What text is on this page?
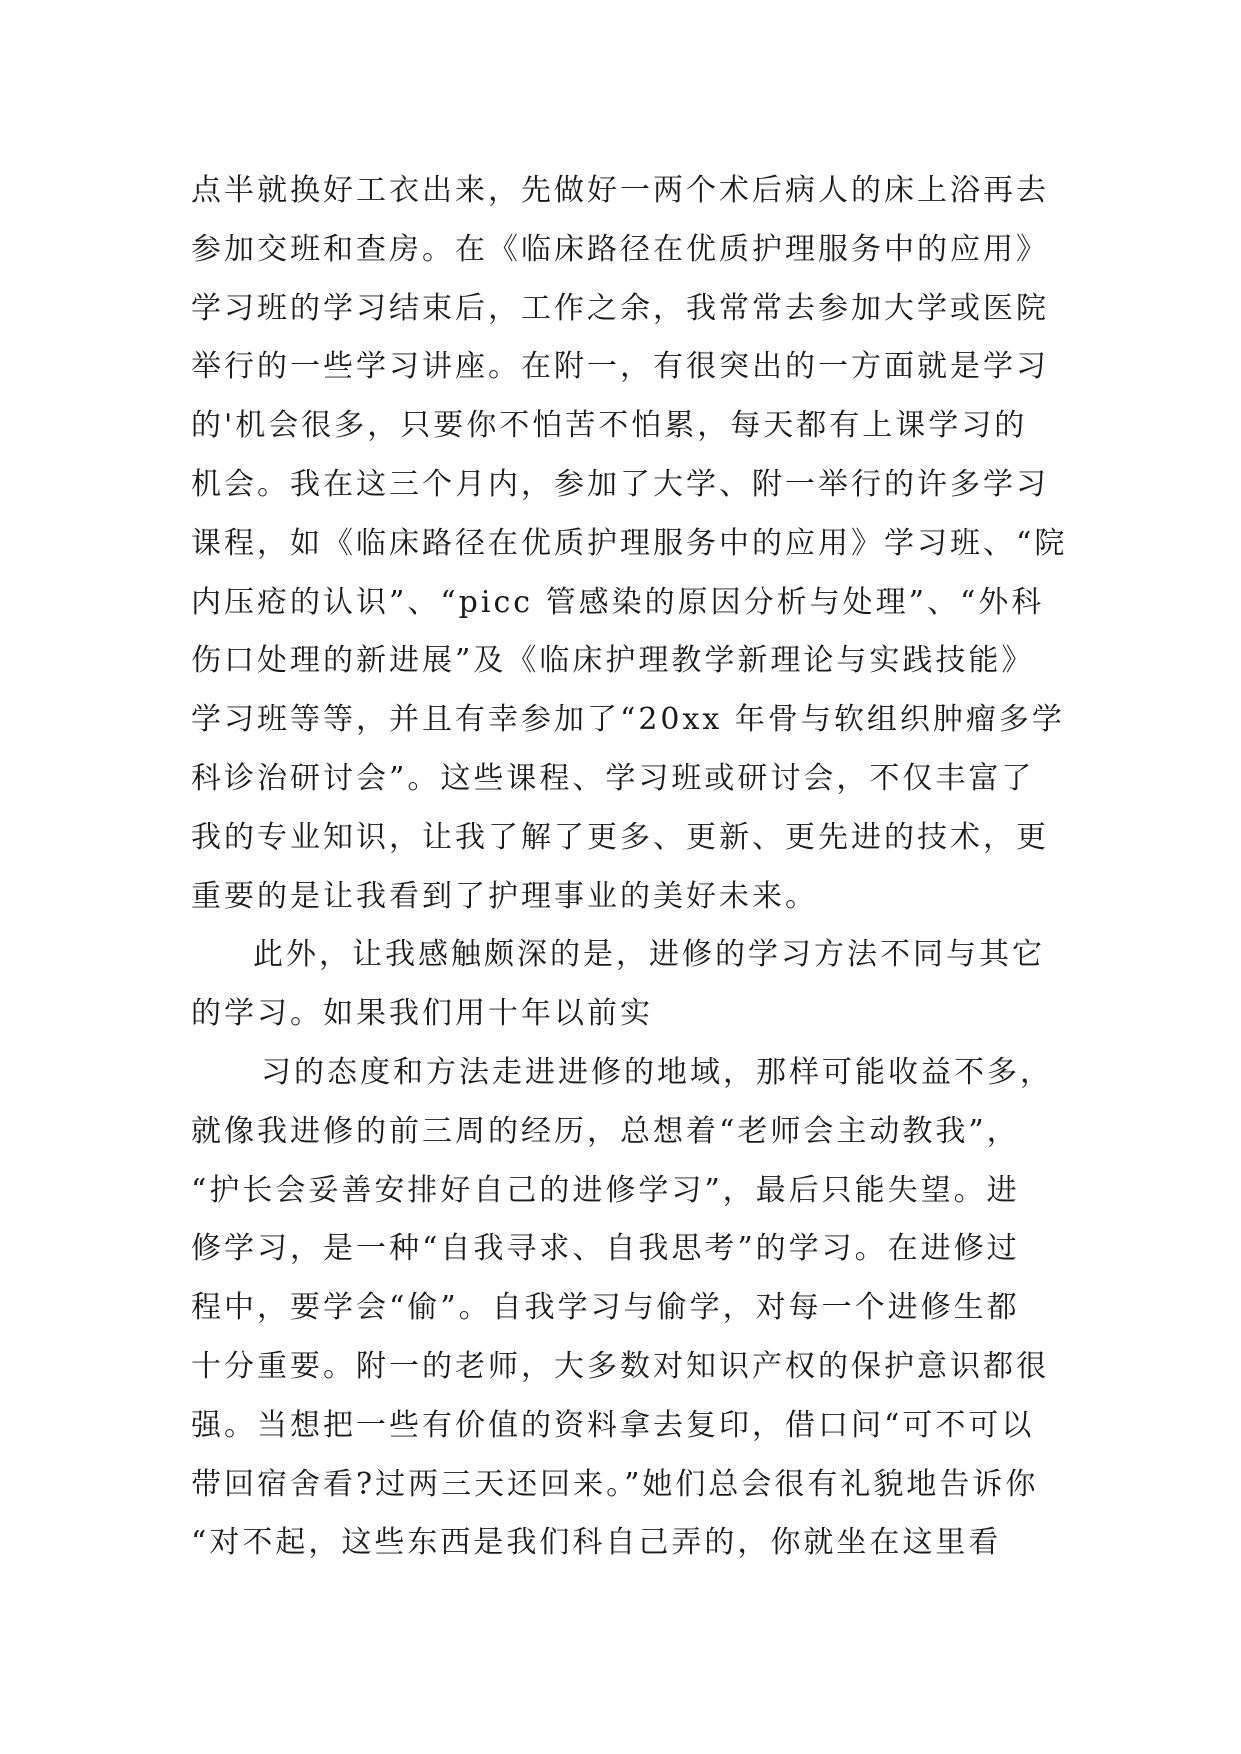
点半就换好工衣出来，先做好一两个术后病人的床上浴再去
参加交班和查房。在《临床路径在优质护理服务中的应用》
学习班的学习结束后，工作之余，我常常去参加大学或医院
举行的一些学习讲座。在附一，有很突出的一方面就是学习
的'机会很多，只要你不怕苦不怕累，每天都有上课学习的
机会。我在这三个月内，参加了大学、附一举行的许多学习
课程，如《临床路径在优质护理服务中的应用》学习班、“院
内压疮的认识”、“picc 管感染的原因分析与处理”、“外科
伤口处理的新进展”及《临床护理教学新理论与实践技能》
学习班等等，并且有幸参加了“20xx 年骨与软组织肿瘤多学
科诊治研讨会”。这些课程、学习班或研讨会，不仅丰富了
我的专业知识，让我了解了更多、更新、更先进的技术，更
重要的是让我看到了护理事业的美好未来。
此外，让我感触颇深的是，进修的学习方法不同与其它
的学习。如果我们用十年以前实
习的态度和方法走进进修的地域，那样可能收益不多，
就像我进修的前三周的经历，总想着“老师会主动教我”，
“护长会妥善安排好自己的进修学习”，最后只能失望。进
修学习，是一种“自我寻求、自我思考”的学习。在进修过
程中，要学会“偷”。自我学习与偷学，对每一个进修生都
十分重要。附一的老师，大多数对知识产权的保护意识都很
强。当想把一些有价值的资料拿去复印，借口问“可不可以
带回宿舍看?过两三天还回来。”她们总会很有礼貌地告诉你
“对不起，这些东西是我们科自己弄的，你就坐在这里看
